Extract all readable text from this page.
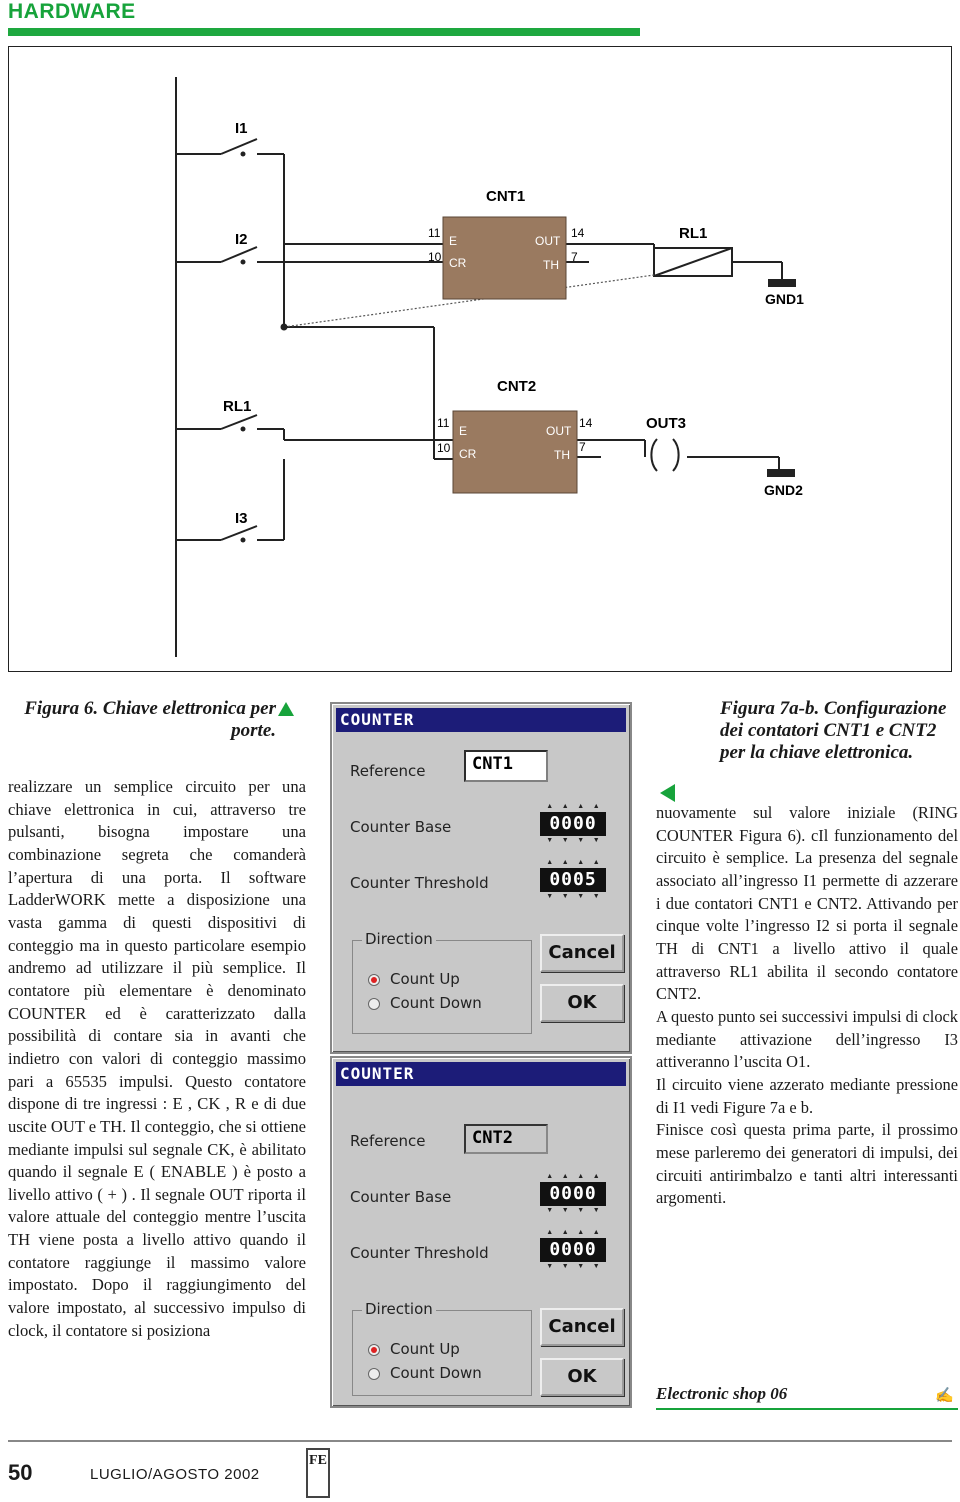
HARDWARE
I1
I2
RL1
I3
CNT1
11
10
E
CR
OUT
TH
14
7
RL1
GND1
CNT2
11
10
E
CR
OUT
TH
14
7
OUT3
GND2
Figura 6. Chiave elettronica per porte.

realizzare un semplice circuito per una chiave elettronica in cui, attraverso tre pulsanti, bisogna impostare una combinazione segreta che comanderà l’apertura di una porta. Il software LadderWORK mette a disposizione una vasta gamma di questi dispositivi di conteggio ma in questo particolare esempio andremo ad utilizzare il più semplice. Il contatore più elementare è denominato COUNTER ed è caratterizzato dalla possibilità di contare sia in avanti che indietro con valori di conteggio massimo pari a 65535 impulsi. Questo contatore dispone di tre ingressi : E , CK , R e di due uscite OUT e TH. Il conteggio, che si ottiene mediante impulsi sul segnale CK, è abilitato quando il segnale E ( ENABLE ) è posto a livello attivo ( + ) . Il segnale OUT riporta il valore attuale del conteggio mentre l’uscita TH viene posta a livello attivo quando il contatore raggiunge il massimo valore impostato. Dopo il raggiungimento del valore impostato, al successivo impulso di clock, il contatore si posiziona

COUNTER
Reference	CNT1
Counter Base
▲ ▲ ▲ ▲
0000
▼ ▼ ▼ ▼
Counter Threshold
▲ ▲ ▲ ▲
0005
▼ ▼ ▼ ▼
Direction
Count Up
Count Down
Cancel
OK
COUNTER
Reference	CNT2
Counter Base
▲ ▲ ▲ ▲
0000
▼ ▼ ▼ ▼
Counter Threshold
▲ ▲ ▲ ▲
0000
▼ ▼ ▼ ▼
Direction
Count Up
Count Down
Cancel
OK
Figura 7a-b. Configurazione dei contatori CNT1 e CNT2 per la chiave elettronica.

nuovamente sul valore iniziale (RING COUNTER Figura 6). cIl funzionamento del circuito è semplice. La presenza del segnale associato all’ingresso I1 permette di azzerare i due contatori CNT1 e CNT2. Attivando per cinque volte l’ingresso I2 si porta il segnale TH di CNT1 a livello attivo il quale attraverso RL1 abilita il secondo contatore CNT2.

A questo punto sei successivi impulsi di clock mediante attivazione dell’ingresso I3 attiveranno l’uscita O1.

Il circuito viene azzerato mediante pressione di I1 vedi Figure 7a e b.

Finisce così questa prima parte, il prossimo mese parleremo dei generatori di impulsi, dei circuiti antirimbalzo e tanti altri interessanti argomenti.

Electronic shop 06	✍
50	LUGLIO/AGOSTO 2002
FE
